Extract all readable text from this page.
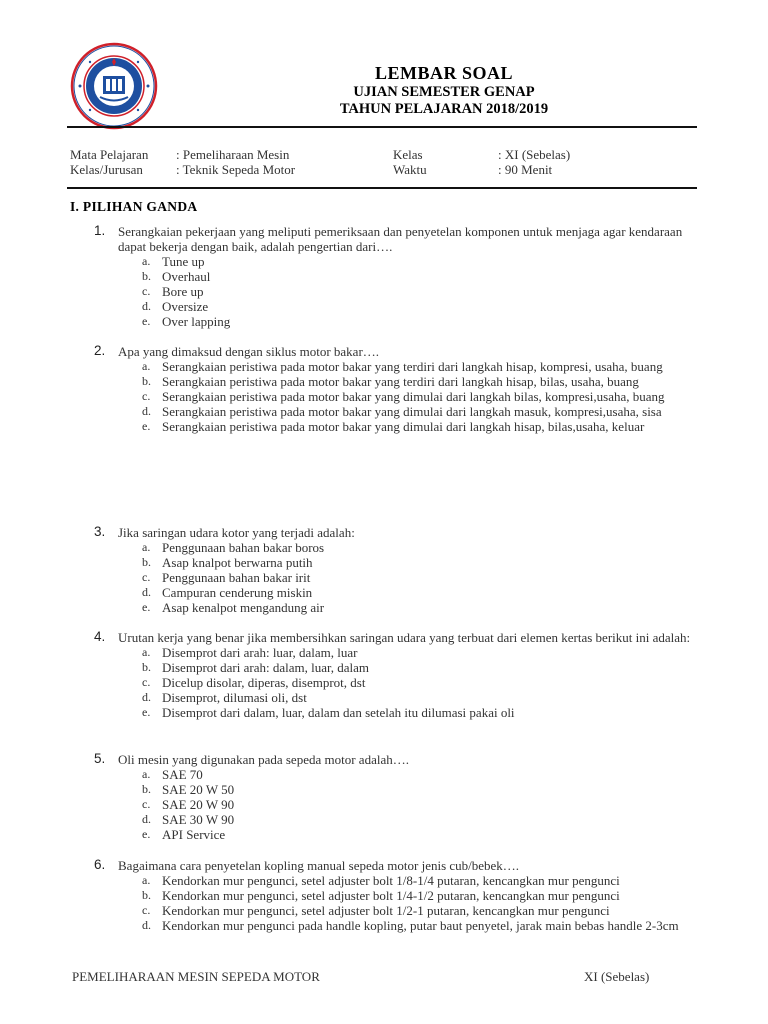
LEMBAR SOAL
UJIAN SEMESTER GENAP
TAHUN PELAJARAN 2018/2019
Mata Pelajaran : Pemeliharaan Mesin	Kelas	: XI (Sebelas)
Kelas/Jurusan	: Teknik Sepeda Motor	Waktu	: 90 Menit
I. PILIHAN GANDA
1. Serangkaian pekerjaan yang meliputi pemeriksaan dan penyetelan komponen untuk menjaga agar kendaraan dapat bekerja dengan baik, adalah pengertian dari….
a. Tune up
b. Overhaul
c. Bore up
d. Oversize
e. Over lapping
2. Apa yang dimaksud dengan siklus motor bakar….
a. Serangkaian peristiwa pada motor bakar yang terdiri dari langkah hisap, kompresi, usaha, buang
b. Serangkaian peristiwa pada motor bakar yang terdiri dari langkah hisap, bilas, usaha, buang
c. Serangkaian peristiwa pada motor bakar yang dimulai dari langkah bilas, kompresi,usaha, buang
d. Serangkaian peristiwa pada motor bakar yang dimulai dari langkah masuk, kompresi,usaha, sisa
e. Serangkaian peristiwa pada motor bakar yang dimulai dari langkah hisap, bilas,usaha, keluar
3. Jika saringan udara kotor yang terjadi adalah:
a. Penggunaan bahan bakar boros
b. Asap knalpot berwarna putih
c. Penggunaan bahan bakar irit
d. Campuran cenderung miskin
e. Asap kenalpot mengandung air
4. Urutan kerja yang benar jika membersihkan saringan udara yang terbuat dari elemen kertas berikut ini adalah:
a. Disemprot dari arah: luar, dalam, luar
b. Disemprot dari arah: dalam, luar, dalam
c. Dicelup disolar, diperas, disemprot, dst
d. Disemprot, dilumasi oli, dst
e. Disemprot dari dalam, luar, dalam dan setelah itu dilumasi pakai oli
5. Oli mesin yang digunakan pada sepeda motor adalah….
a. SAE 70
b. SAE 20 W 50
c. SAE 20 W 90
d. SAE 30 W 90
e. API Service
6. Bagaimana cara penyetelan kopling manual sepeda motor jenis cub/bebek….
a. Kendorkan mur pengunci, setel adjuster bolt 1/8-1/4 putaran, kencangkan mur pengunci
b. Kendorkan mur pengunci, setel adjuster bolt 1/4-1/2 putaran, kencangkan mur pengunci
c. Kendorkan mur pengunci, setel adjuster bolt 1/2-1 putaran, kencangkan mur pengunci
d. Kendorkan mur pengunci pada handle kopling, putar baut penyetel, jarak main bebas handle 2-3cm
PEMELIHARAAN MESIN SEPEDA MOTOR	XI (Sebelas)
